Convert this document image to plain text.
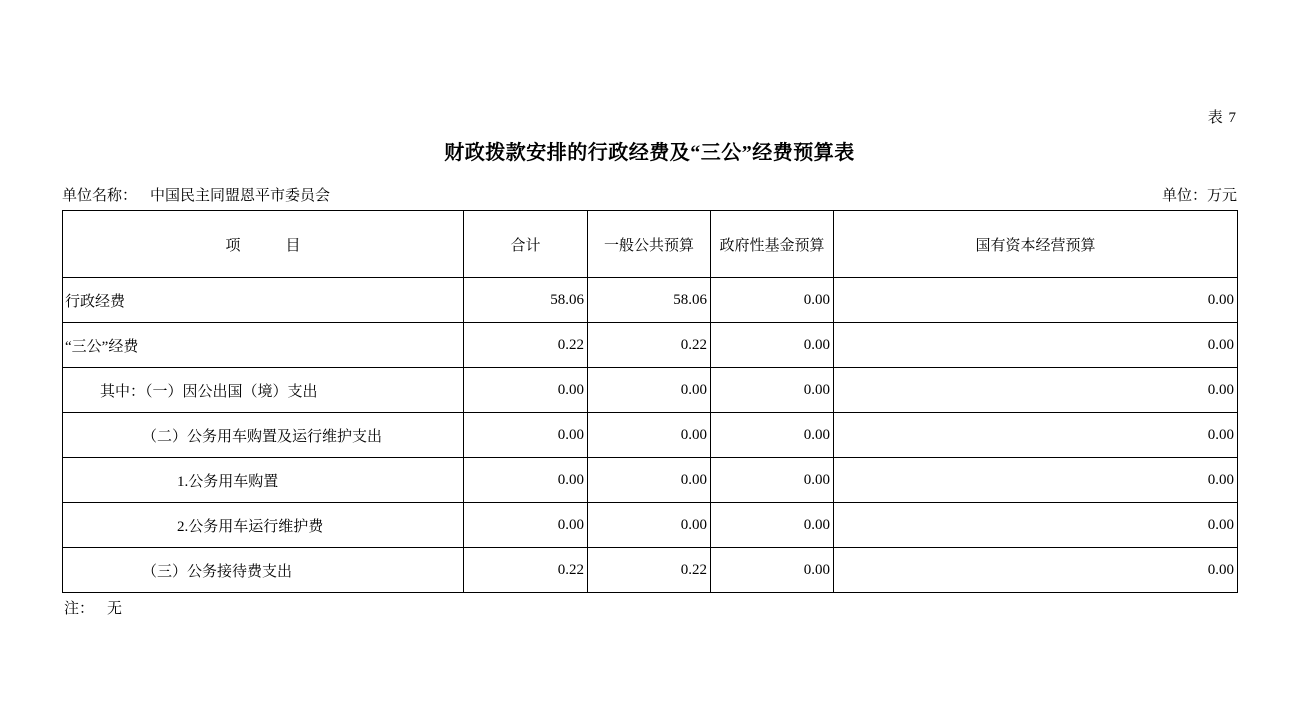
表 7
财政拨款安排的行政经费及“三公”经费预算表
单位名称： 中国民主同盟恩平市委员会	单位：万元
项　　　目	合计	一般公共预算	政府性基金预算	国有资本经营预算
行政经费	58.06	58.06	0.00	0.00
“三公”经费	0.22	0.22	0.00	0.00
其中：（一）因公出国（境）支出	0.00	0.00	0.00	0.00
（二）公务用车购置及运行维护支出	0.00	0.00	0.00	0.00
1.公务用车购置	0.00	0.00	0.00	0.00
2.公务用车运行维护费	0.00	0.00	0.00	0.00
（三）公务接待费支出	0.22	0.22	0.00	0.00
注： 无
